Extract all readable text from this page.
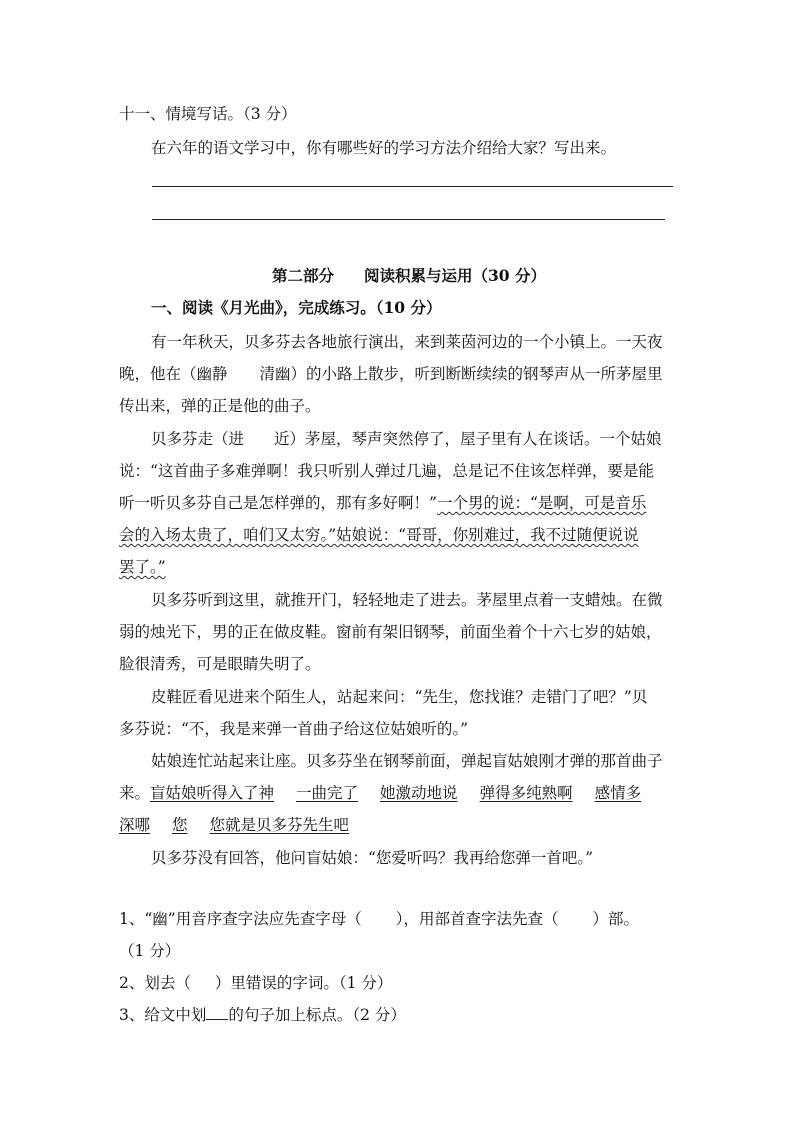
十一、情境写话。（3 分）
在六年的语文学习中，你有哪些好的学习方法介绍给大家？写出来。
第二部分 阅读积累与运用（30 分）
一、阅读《月光曲》，完成练习。（10 分）
有一年秋天，贝多芬去各地旅行演出，来到莱茵河边的一个小镇上。一天夜
晚，他在（幽静 清幽）的小路上散步，听到断断续续的钢琴声从一所茅屋里
传出来，弹的正是他的曲子。
贝多芬走（进 近）茅屋，琴声突然停了，屋子里有人在谈话。一个姑娘
说：“这首曲子多难弹啊！我只听别人弹过几遍，总是记不住该怎样弹，要是能
听一听贝多芬自己是怎样弹的，那有多好啊！”一个男的说：“是啊，可是音乐
会的入场太贵了，咱们又太穷。”姑娘说：“哥哥，你别难过，我不过随便说说
罢了。”
贝多芬听到这里，就推开门，轻轻地走了进去。茅屋里点着一支蜡烛。在微
弱的烛光下，男的正在做皮鞋。窗前有架旧钢琴，前面坐着个十六七岁的姑娘，
脸很清秀，可是眼睛失明了。
皮鞋匠看见进来个陌生人，站起来问：“先生，您找谁？走错门了吧？”贝
多芬说：“不，我是来弹一首曲子给这位姑娘听的。”
姑娘连忙站起来让座。贝多芬坐在钢琴前面，弹起盲姑娘刚才弹的那首曲子
来。盲姑娘听得入了神 一曲完了 她激动地说 弹得多纯熟啊 感情多
深哪 您 您就是贝多芬先生吧
贝多芬没有回答，他问盲姑娘：“您爱听吗？我再给您弹一首吧。”
1、“幽”用音序查字法应先查字母（ ），用部首查字法先查（ ）部。
（1 分）
2、划去（ ）里错误的字词。（1 分）
3、给文中划 的句子加上标点。（2 分）
